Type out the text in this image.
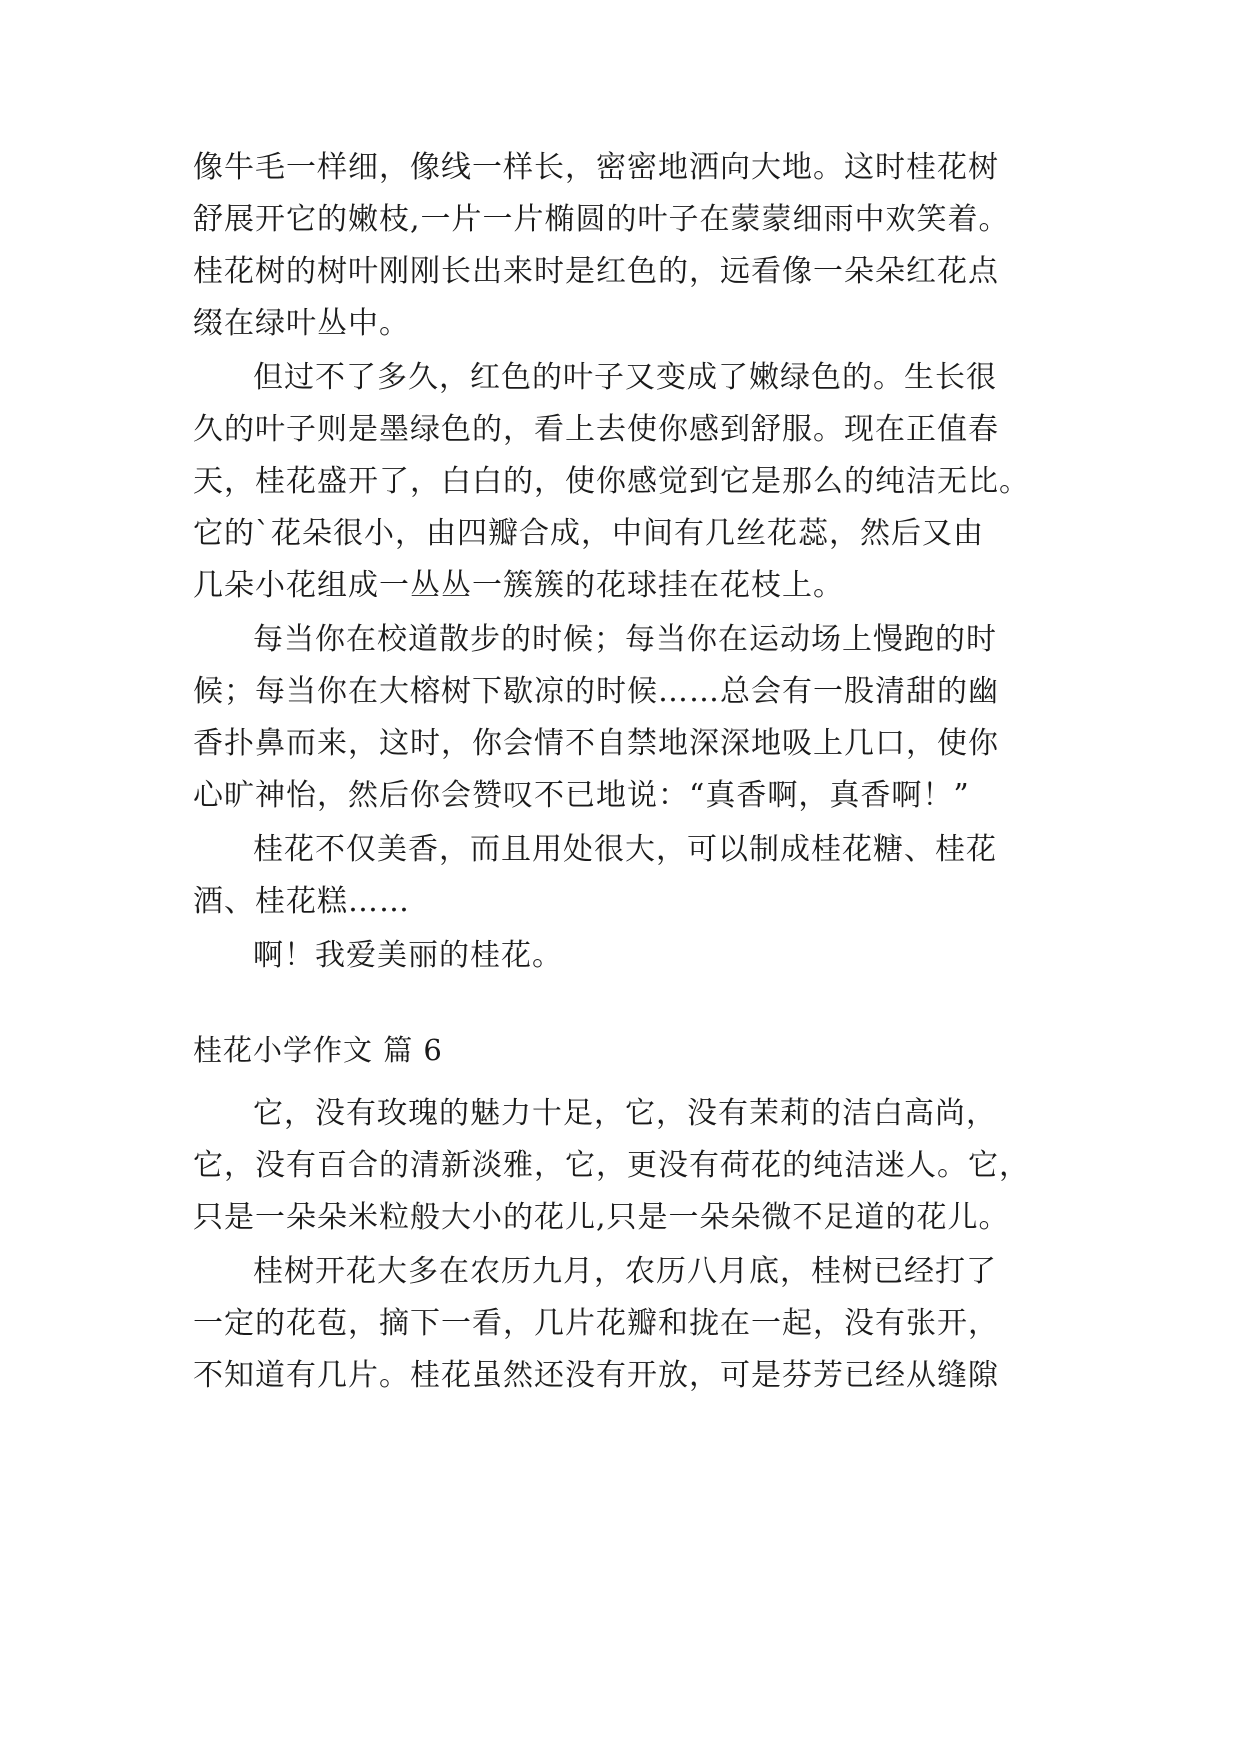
像牛毛一样细，像线一样长，密密地洒向大地。这时桂花树
舒展开它的嫩枝,一片一片椭圆的叶子在蒙蒙细雨中欢笑着。
桂花树的树叶刚刚长出来时是红色的，远看像一朵朵红花点
缀在绿叶丛中。
但过不了多久，红色的叶子又变成了嫩绿色的。生长很
久的叶子则是墨绿色的，看上去使你感到舒服。现在正值春
天，桂花盛开了，白白的，使你感觉到它是那么的纯洁无比。
它的`花朵很小，由四瓣合成，中间有几丝花蕊，然后又由
几朵小花组成一丛丛一簇簇的花球挂在花枝上。
每当你在校道散步的时候；每当你在运动场上慢跑的时
候；每当你在大榕树下歇凉的时候……总会有一股清甜的幽
香扑鼻而来，这时，你会情不自禁地深深地吸上几口，使你
心旷神怡，然后你会赞叹不已地说：“真香啊，真香啊！”
桂花不仅美香，而且用处很大，可以制成桂花糖、桂花
酒、桂花糕……
啊！我爱美丽的桂花。
桂花小学作文 篇 6
它，没有玫瑰的魅力十足，它，没有茉莉的洁白高尚，
它，没有百合的清新淡雅，它，更没有荷花的纯洁迷人。它，
只是一朵朵米粒般大小的花儿,只是一朵朵微不足道的花儿。
桂树开花大多在农历九月，农历八月底，桂树已经打了
一定的花苞，摘下一看，几片花瓣和拢在一起，没有张开，
不知道有几片。桂花虽然还没有开放，可是芬芳已经从缝隙
